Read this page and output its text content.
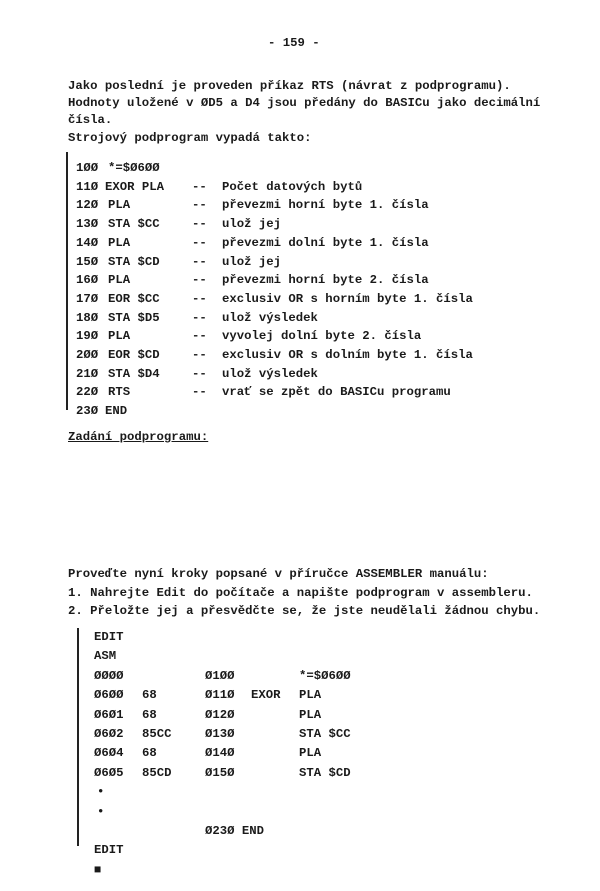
- 159 -
Jako poslední je proveden příkaz RTS (návrat z podprogramu).
Hodnoty uložené v ØD5 a D4 jsou předány do BASICu jako decimální
čísla.
Strojový podprogram vypadá takto:
1ØØ *=$Ø6ØØ
11Ø EXOR PLA -- Počet datových bytů
12Ø PLA	-- převezmi horní byte 1. čísla
13Ø STA $CC	-- ulož jej
14Ø PLA	-- převezmi dolní byte 1. čísla
15Ø STA $CD	-- ulož jej
16Ø PLA	-- převezmi horní byte 2. čísla
17Ø EOR $CC	-- exclusiv OR s horním byte 1. čísla
18Ø STA $D5	-- ulož výsledek
19Ø PLA	-- vyvolej dolní byte 2. čísla
2ØØ EOR $CD	-- exclusiv OR s dolním byte 1. čísla
21Ø STA $D4	-- ulož výsledek
22Ø RTS	-- vrať se zpět do BASICu programu
23Ø END
Zadání podprogramu:
Proveďte nyní kroky popsané v příručce ASSEMBLER manuálu:
1. Nahrejte Edit do počítače a napište podprogram v assembleru.
2. Přeložte jej a přesvědčte se, že jste neudělali žádnou chybu.
EDIT
ASM
ØØØØ	Ø1ØØ	*=$Ø6ØØ
Ø6ØØ 68	Ø11Ø EXOR PLA
Ø6Ø1 68	Ø12Ø	PLA
Ø6Ø2 85CC	Ø13Ø	STA $CC
Ø6Ø4 68	Ø14Ø	PLA
Ø6Ø5 85CD	Ø15Ø	STA $CD
•
•
Ø23Ø END
EDIT
■
